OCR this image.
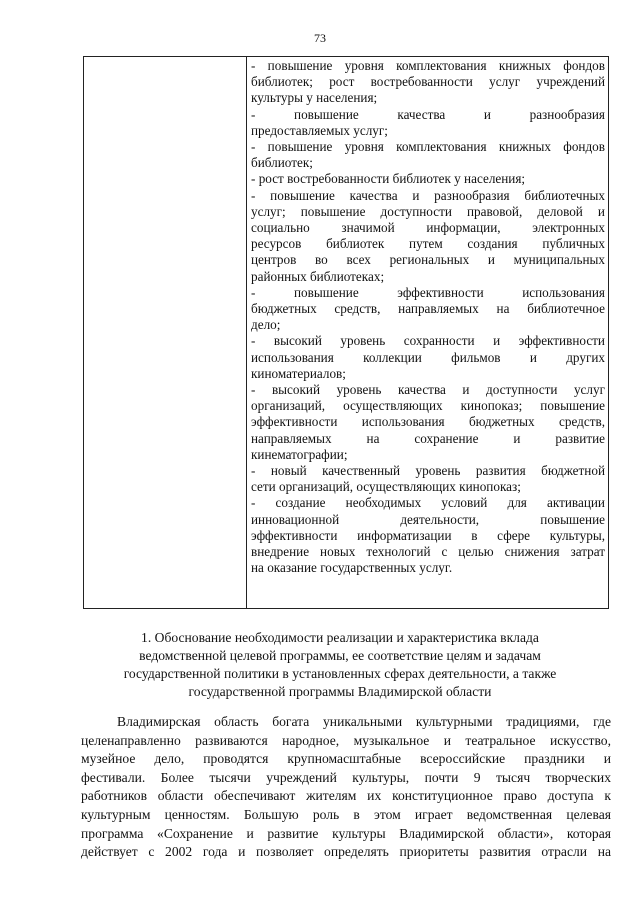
73
- повышение уровня комплектования книжных фондов
библиотек; рост востребованности услуг учреждений
культуры у населения;
- повышение качества и разнообразия
предоставляемых услуг;
- повышение уровня комплектования книжных фондов
библиотек;
- рост востребованности библиотек у населения;
- повышение качества и разнообразия библиотечных
услуг; повышение доступности правовой, деловой и
социально значимой информации, электронных
ресурсов библиотек путем создания публичных
центров во всех региональных и муниципальных
районных библиотеках;
- повышение эффективности использования
бюджетных средств, направляемых на библиотечное
дело;
- высокий уровень сохранности и эффективности
использования коллекции фильмов и других
киноматериалов;
- высокий уровень качества и доступности услуг
организаций, осуществляющих кинопоказ; повышение
эффективности использования бюджетных средств,
направляемых на сохранение и развитие
кинематографии;
- новый качественный уровень развития бюджетной
сети организаций, осуществляющих кинопоказ;
- создание необходимых условий для активации
инновационной деятельности, повышение
эффективности информатизации в сфере культуры,
внедрение новых технологий с целью снижения затрат
на оказание государственных услуг.
1. Обоснование необходимости реализации и характеристика вклада
ведомственной целевой программы, ее соответствие целям и задачам
государственной политики в установленных сферах деятельности, а также
государственной программы Владимирской области
Владимирская область богата уникальными культурными традициями, где
целенаправленно развиваются народное, музыкальное и театральное искусство,
музейное дело, проводятся крупномасштабные всероссийские праздники и
фестивали. Более тысячи учреждений культуры, почти 9 тысяч творческих
работников области обеспечивают жителям их конституционное право доступа к
культурным ценностям. Большую роль в этом играет ведомственная целевая
программа «Сохранение и развитие культуры Владимирской области», которая
действует с 2002 года и позволяет определять приоритеты развития отрасли на
